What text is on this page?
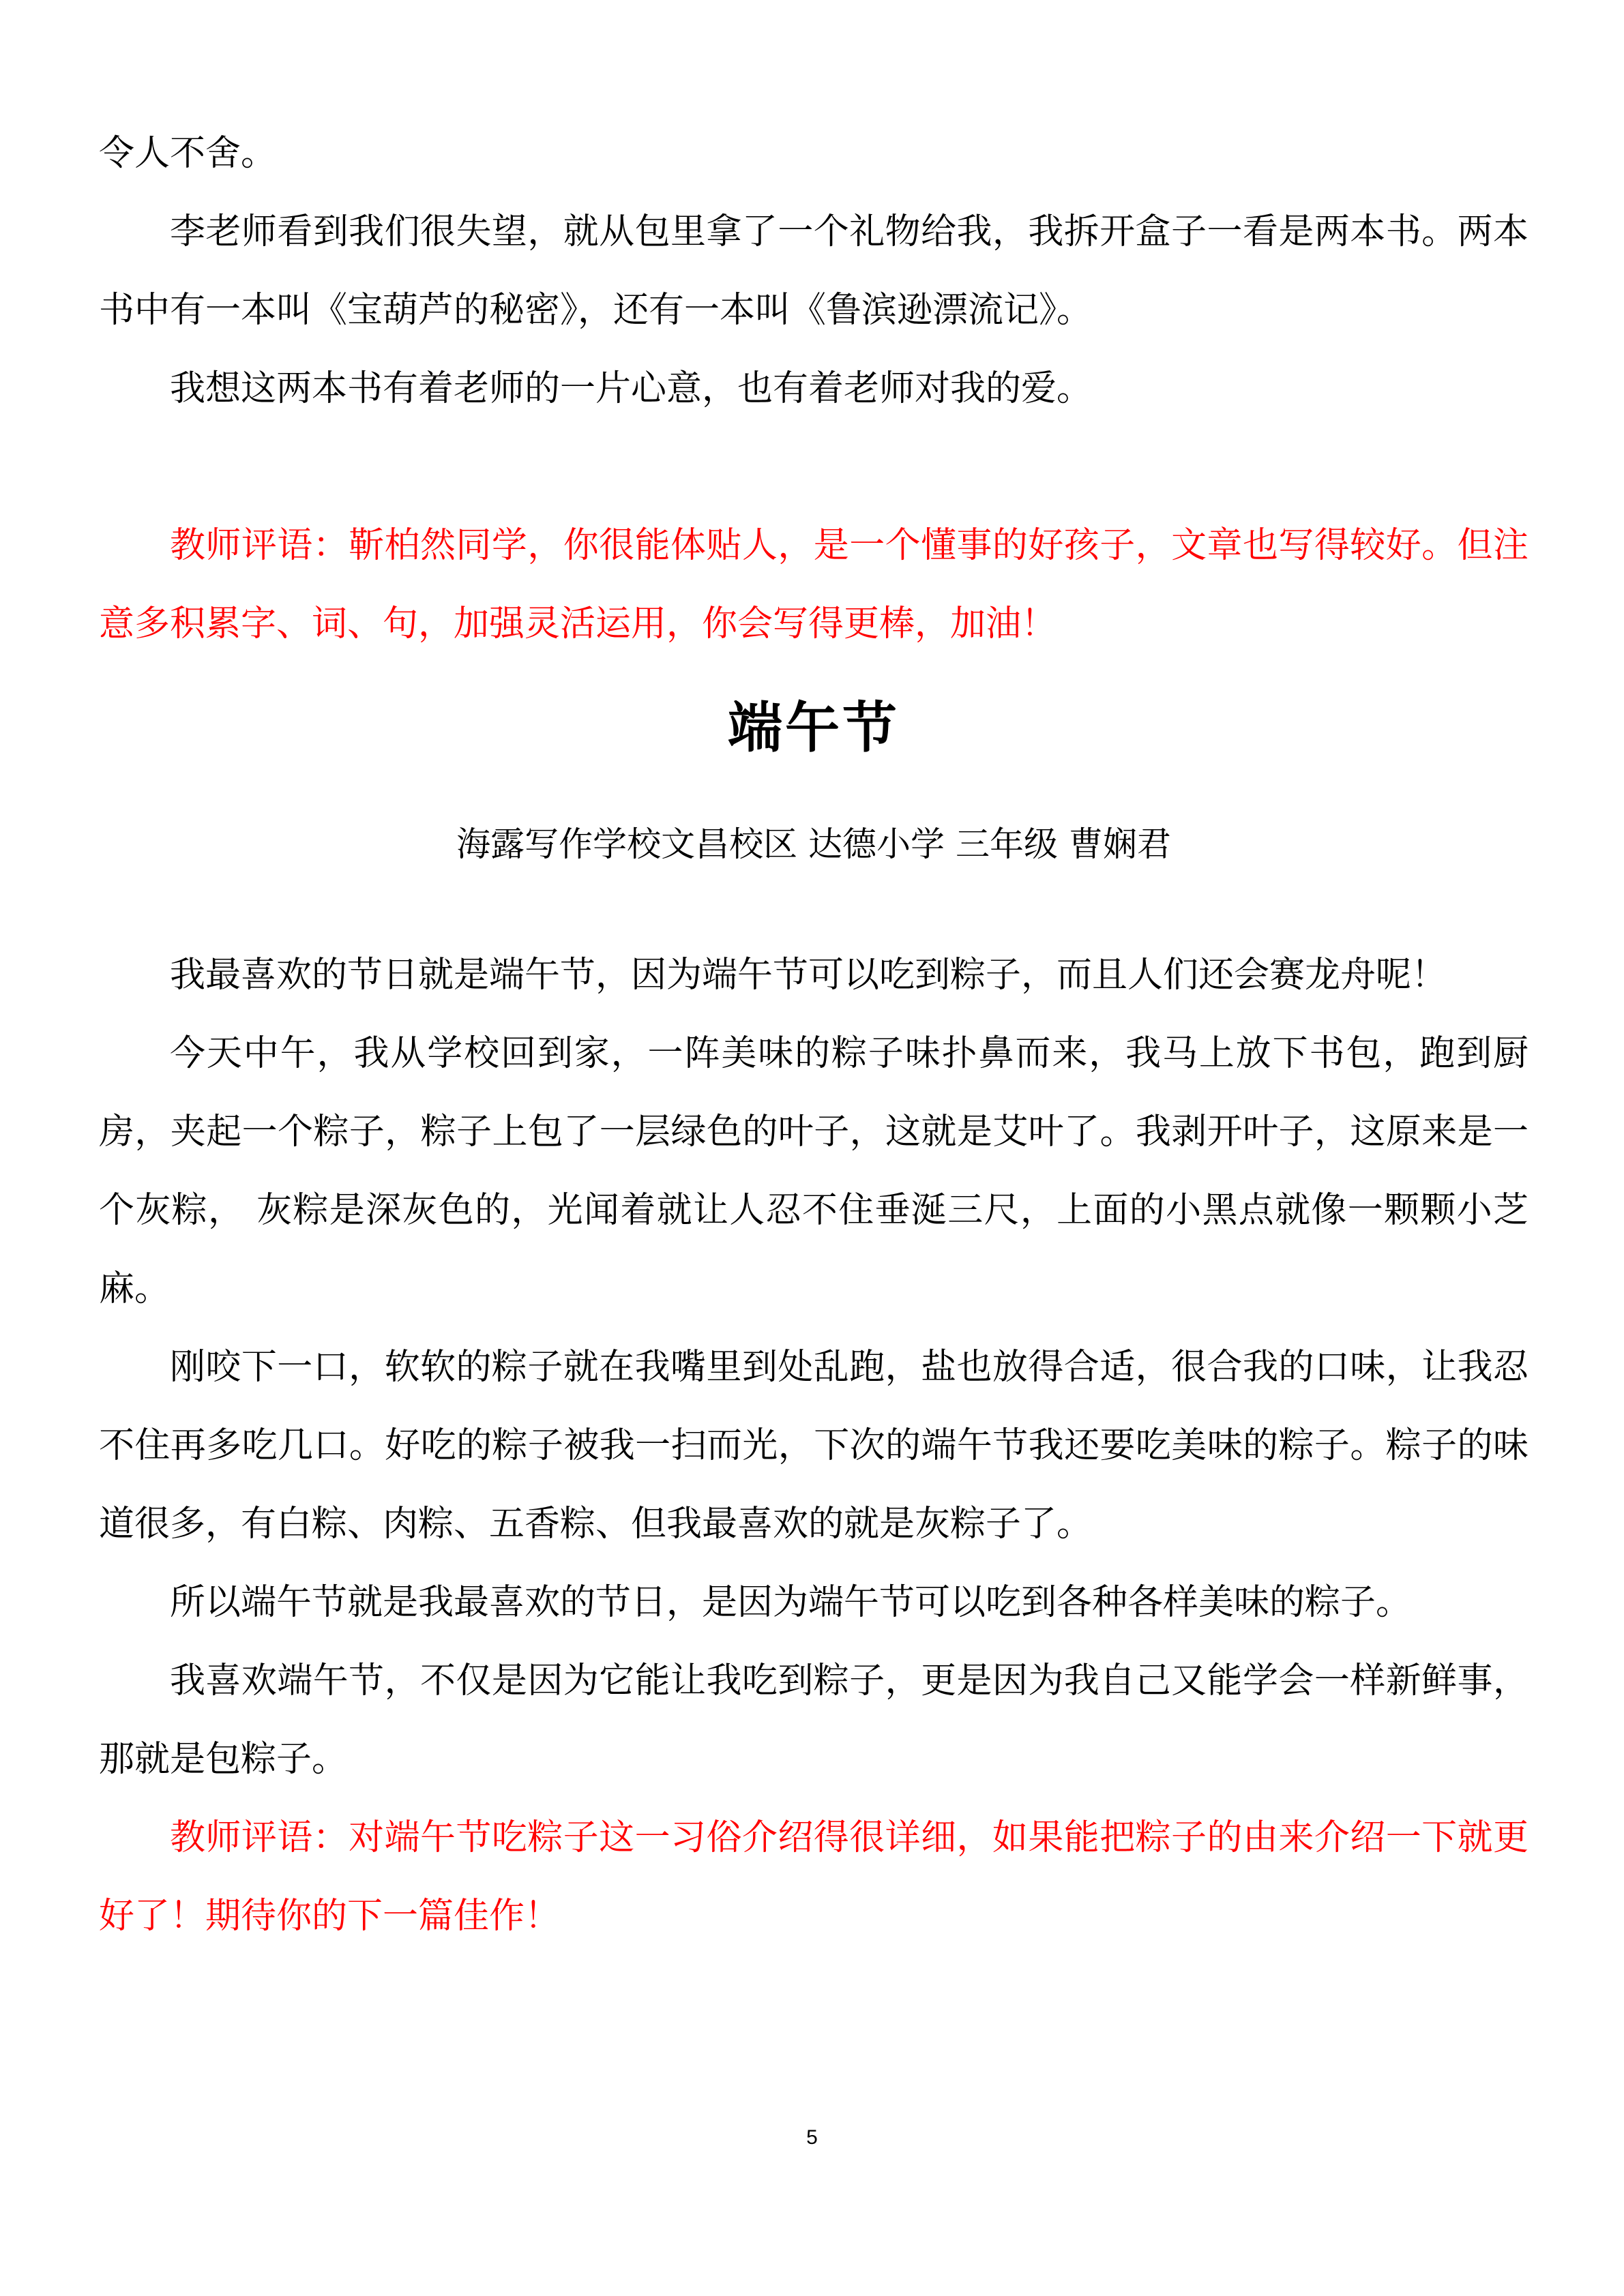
令人不舍。

李老师看到我们很失望，就从包里拿了一个礼物给我，我拆开盒子一看是两本书。两本书中有一本叫《宝葫芦的秘密》，还有一本叫《鲁滨逊漂流记》。

我想这两本书有着老师的一片心意，也有着老师对我的爱。

教师评语：靳柏然同学，你很能体贴人，是一个懂事的好孩子，文章也写得较好。但注意多积累字、词、句，加强灵活运用，你会写得更棒，加油！

端午节

海露写作学校文昌校区 达德小学 三年级 曹娴君

我最喜欢的节日就是端午节，因为端午节可以吃到粽子，而且人们还会赛龙舟呢！

今天中午，我从学校回到家，一阵美味的粽子味扑鼻而来，我马上放下书包，跑到厨房，夹起一个粽子，粽子上包了一层绿色的叶子，这就是艾叶了。我剥开叶子，这原来是一个灰粽， 灰粽是深灰色的，光闻着就让人忍不住垂涎三尺，上面的小黑点就像一颗颗小芝麻。

刚咬下一口，软软的粽子就在我嘴里到处乱跑，盐也放得合适，很合我的口味，让我忍不住再多吃几口。好吃的粽子被我一扫而光，下次的端午节我还要吃美味的粽子。粽子的味道很多，有白粽、肉粽、五香粽、但我最喜欢的就是灰粽子了。

所以端午节就是我最喜欢的节日，是因为端午节可以吃到各种各样美味的粽子。

我喜欢端午节，不仅是因为它能让我吃到粽子，更是因为我自己又能学会一样新鲜事，那就是包粽子。

教师评语：对端午节吃粽子这一习俗介绍得很详细，如果能把粽子的由来介绍一下就更好了！期待你的下一篇佳作！

5
